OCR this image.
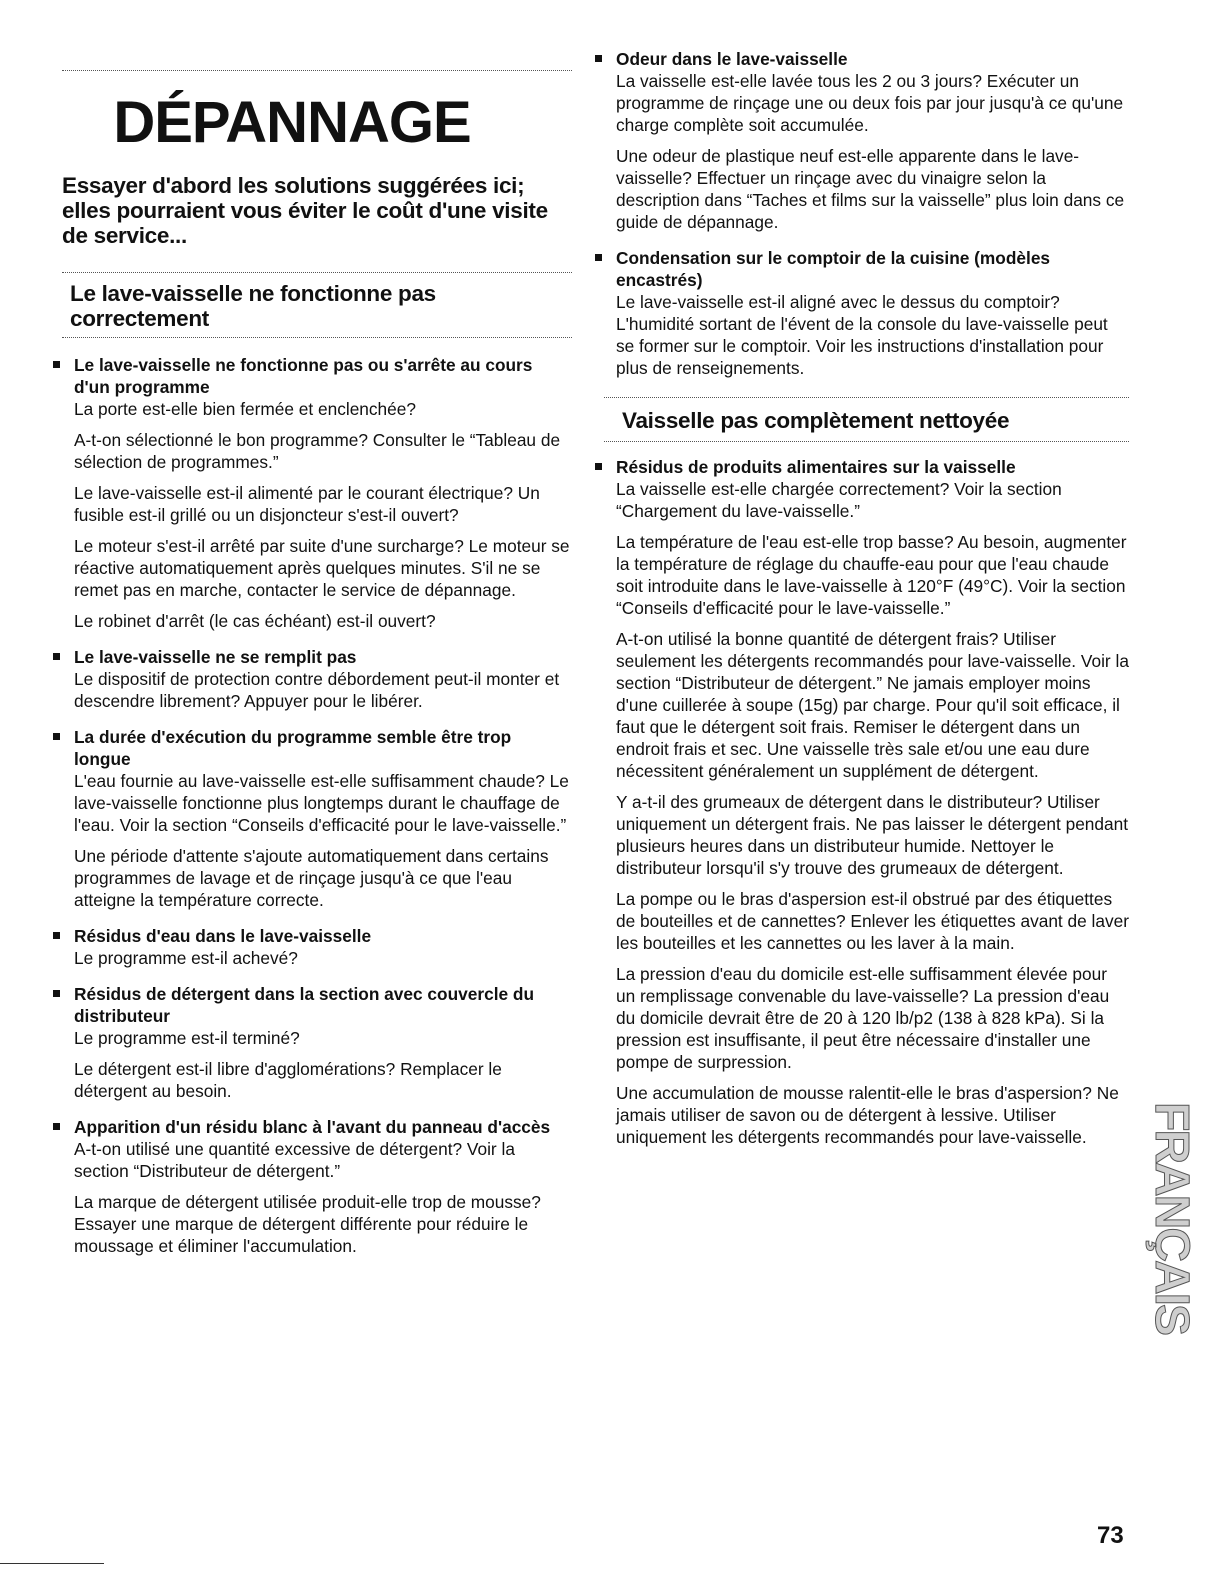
DÉPANNAGE

Essayer d'abord les solutions suggérées ici; elles pourraient vous éviter le coût d'une visite de service...

Le lave-vaisselle ne fonctionne pas correctement
Le lave-vaisselle ne fonctionne pas ou s'arrête au cours d'un programme

La porte est-elle bien fermée et enclenchée?

A-t-on sélectionné le bon programme? Consulter le “Tableau de sélection de programmes.”

Le lave-vaisselle est-il alimenté par le courant électrique? Un fusible est-il grillé ou un disjoncteur s'est-il ouvert?

Le moteur s'est-il arrêté par suite d'une surcharge? Le moteur se réactive automatiquement après quelques minutes. S'il ne se remet pas en marche, contacter le service de dépannage.

Le robinet d'arrêt (le cas échéant) est-il ouvert?

Le lave-vaisselle ne se remplit pas

Le dispositif de protection contre débordement peut-il monter et descendre librement? Appuyer pour le libérer.

La durée d'exécution du programme semble être trop longue

L'eau fournie au lave-vaisselle est-elle suffisamment chaude? Le lave-vaisselle fonctionne plus longtemps durant le chauffage de l'eau. Voir la section “Conseils d'efficacité pour le lave-vaisselle.”

Une période d'attente s'ajoute automatiquement dans certains programmes de lavage et de rinçage jusqu'à ce que l'eau atteigne la température correcte.

Résidus d'eau dans le lave-vaisselle

Le programme est-il achevé?

Résidus de détergent dans la section avec couvercle du distributeur

Le programme est-il terminé?

Le détergent est-il libre d'agglomérations? Remplacer le détergent au besoin.

Apparition d'un résidu blanc à l'avant du panneau d'accès

A-t-on utilisé une quantité excessive de détergent? Voir la section “Distributeur de détergent.”

La marque de détergent utilisée produit-elle trop de mousse? Essayer une marque de détergent différente pour réduire le moussage et éliminer l'accumulation.

Odeur dans le lave-vaisselle

La vaisselle est-elle lavée tous les 2 ou 3 jours? Exécuter un programme de rinçage une ou deux fois par jour jusqu'à ce qu'une charge complète soit accumulée.

Une odeur de plastique neuf est-elle apparente dans le lave-vaisselle? Effectuer un rinçage avec du vinaigre selon la description dans “Taches et films sur la vaisselle” plus loin dans ce guide de dépannage.

Condensation sur le comptoir de la cuisine (modèles encastrés)

Le lave-vaisselle est-il aligné avec le dessus du comptoir? L'humidité sortant de l'évent de la console du lave-vaisselle peut se former sur le comptoir. Voir les instructions d'installation pour plus de renseignements.

Vaisselle pas complètement nettoyée
Résidus de produits alimentaires sur la vaisselle

La vaisselle est-elle chargée correctement? Voir la section “Chargement du lave-vaisselle.”

La température de l'eau est-elle trop basse? Au besoin, augmenter la température de réglage du chauffe-eau pour que l'eau chaude soit introduite dans le lave-vaisselle à 120°F (49°C). Voir la section “Conseils d'efficacité pour le lave-vaisselle.”

A-t-on utilisé la bonne quantité de détergent frais? Utiliser seulement les détergents recommandés pour lave-vaisselle. Voir la section “Distributeur de détergent.” Ne jamais employer moins d'une cuillerée à soupe (15g) par charge. Pour qu'il soit efficace, il faut que le détergent soit frais. Remiser le détergent dans un endroit frais et sec. Une vaisselle très sale et/ou une eau dure nécessitent généralement un supplément de détergent.

Y a-t-il des grumeaux de détergent dans le distributeur? Utiliser uniquement un détergent frais. Ne pas laisser le détergent pendant plusieurs heures dans un distributeur humide. Nettoyer le distributeur lorsqu'il s'y trouve des grumeaux de détergent.

La pompe ou le bras d'aspersion est-il obstrué par des étiquettes de bouteilles et de cannettes? Enlever les étiquettes avant de laver les bouteilles et les cannettes ou les laver à la main.

La pression d'eau du domicile est-elle suffisamment élevée pour un remplissage convenable du lave-vaisselle? La pression d'eau du domicile devrait être de 20 à 120 lb/p2 (138 à 828 kPa). Si la pression est insuffisante, il peut être nécessaire d'installer une pompe de surpression.

Une accumulation de mousse ralentit-elle le bras d'aspersion? Ne jamais utiliser de savon ou de détergent à lessive. Utiliser uniquement les détergents recommandés pour lave-vaisselle.	FRANÇAIS
73
